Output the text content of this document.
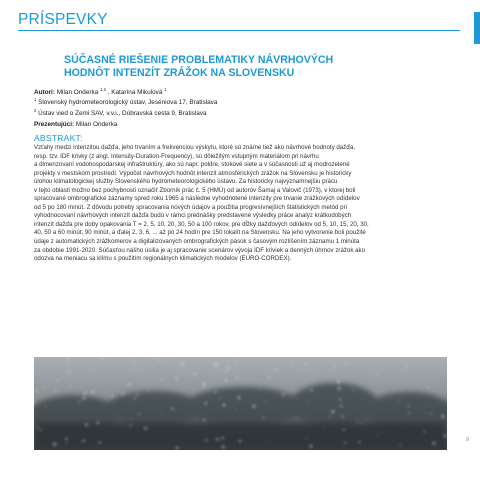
PRÍSPEVKY
SÚČASNÉ RIEŠENIE PROBLEMATIKY NÁVRHOVÝCH
HODNÔT INTENZÍT ZRÁŽOK NA SLOVENSKU
Autori: Milan Onderka $^{1,2}$ , Katarína Mikulová $^1$
$^1$ Slovenský hydrometeorologický ústav, Jeséniova 17, Bratislava
$^2$ Ústav vied o Zemi SAV, v.v.i., Dúbravská cesta 9, Bratislava
Prezentujúci: Milan Onderka
ABSTRAKT:
Vzťahy medzi intenzitou dažďa, jeho trvaním a frekvenciou výskytu, ktoré sú známe tiež ako návrhové hodnoty dažďa,
resp. tzv. IDF krivky (z angl. Intensity-Duration-Frequency), sú dôležitým vstupným materiálom pri návrhu
a dimenzovaní vodohospodárskej infraštruktúry, ako sú napr. poldre, stokové siete a v súčasnosti už aj modrozelené
projekty v mestskom prostredí. Výpočet návrhových hodnôt intenzít atmosférických zrážok na Slovensku je historicky
úlohou klimatologickej služby Slovenského hydrometeorologického ústavu. Za historicky najvýznamnejšiu prácu
v tejto oblasti možno bez pochybnosti označiť Zborník prác č. 5 (HMÚ) od autorov Šamaj a Valovič (1973), v ktorej boli
spracované ombrografické záznamy spred roku 1965 a následne vyhodnotené intenzity pre trvanie zrážkových odídelov
od 5 po 180 minút. Z dôvodu potreby spracovania nových údajov a použitia progresívnejších štatistických metód pri
vyhodnocovaní návrhových intenzít dažďa budú v rámci prednášky predstavené výsledky práce analýz krátkodobých
intenzít dažďa pre doby opakovania T = 2, 5, 10, 20, 30, 50 a 100 rokov, pre dĺžky dažďových odídelov od 5, 10, 15, 20, 30,
40, 50 a 60 minút; 90 minút, a ďalej 2, 3, 6, ... až po 24 hodín pre 150 lokalít na Slovensku. Na jeho vytvorenie boli použité
údaje z automatických zrážkomerov a digitalizovaných ombrografických pások s časovým rozlíšením záznamu 1 minúta
za obdobie 1991-2020. Súčasťou nášho úsilia je aj spracovanie scenárov vývoja IDF kriviek a denných úhrnov zrážok ako
odozva na meniacu sa klímu s použitím regionálnych klimatických modelov (EURO-CORDEX).
9
